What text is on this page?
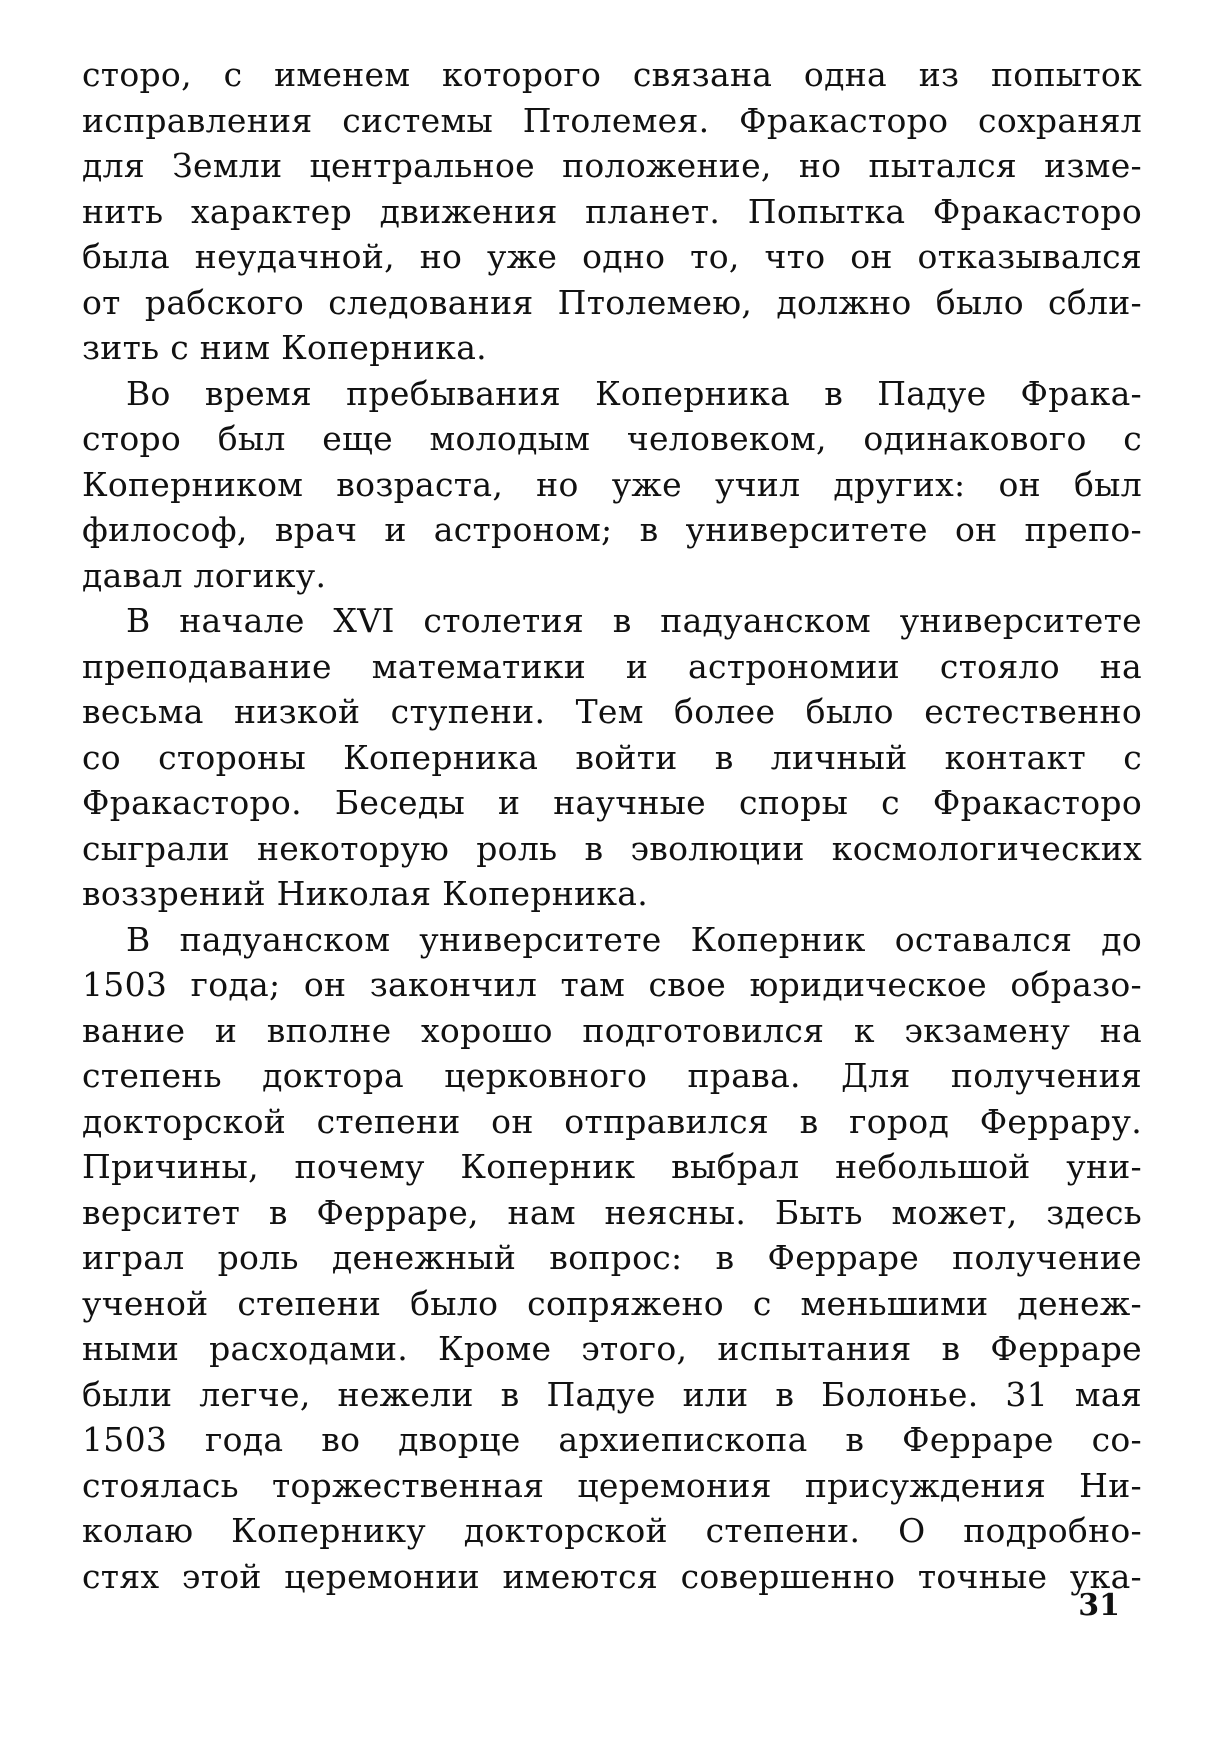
сторо, с именем которого связана одна из попыток
исправления системы Птолемея. Фракасторо сохранял
для Земли центральное положение, но пытался изме-
нить характер движения планет. Попытка Фракасторо
была неудачной, но уже одно то, что он отказывался
от рабского следования Птолемею, должно было сбли-
зить с ним Коперника.
Во время пребывания Коперника в Падуе Фрака-
сторо был еще молодым человеком, одинакового с
Коперником возраста, но уже учил других: он был
философ, врач и астроном; в университете он препо-
давал логику.
В начале XVI столетия в падуанском университете
преподавание математики и астрономии стояло на
весьма низкой ступени. Тем более было естественно
со стороны Коперника войти в личный контакт с
Фракасторо. Беседы и научные споры с Фракасторо
сыграли некоторую роль в эволюции космологических
воззрений Николая Коперника.
В падуанском университете Коперник оставался до
1503 года; он закончил там свое юридическое образо-
вание и вполне хорошо подготовился к экзамену на
степень доктора церковного права. Для получения
докторской степени он отправился в город Феррару.
Причины, почему Коперник выбрал небольшой уни-
верситет в Ферраре, нам неясны. Быть может, здесь
играл роль денежный вопрос: в Ферраре получение
ученой степени было сопряжено с меньшими денеж-
ными расходами. Кроме этого, испытания в Ферраре
были легче, нежели в Падуе или в Болонье. 31 мая
1503 года во дворце архиепископа в Ферраре со-
стоялась торжественная церемония присуждения Ни-
колаю Копернику докторской степени. О подробно-
стях этой церемонии имеются совершенно точные ука-
31
